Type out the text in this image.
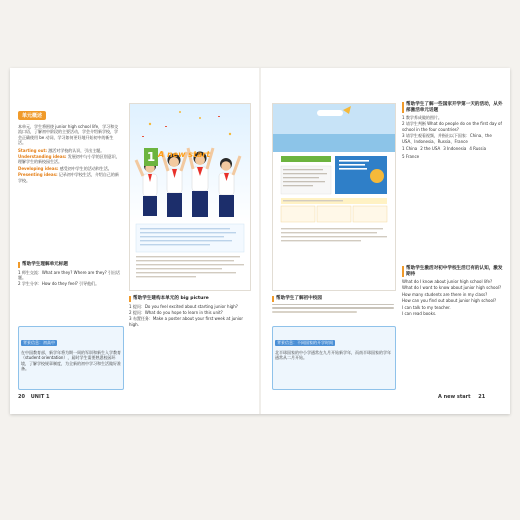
单元概述
本单元，学生将围绕 junior high school life，学习和交流口语，了解初中阶段的主要活动，学会介绍新学校，学会正确使用 be 动词，学习如何更好地开始初中的新生活。

Starting out: 激活对学校的认识，引出主题。

Understanding ideas: 发展初中与小学的区别意识，理解学生的新校园生活。

Developing ideas: 感受初中学生的活动和生活。

Presenting ideas: 记录初中学校生活，介绍自己的新学校。

帮助学生理解单元标题

1 师生交流：What are they? Where are they? 引出话题。

2 学生分享：How do they feel? 引导他们。

背景信息：初高中
在中国教育部，新学年将为期一周的军训和新生入学教育（student orientation），届时学生需要熟悉校园环境，了解学校规章制度，为全新的初中学习和生活做好准备。
1 A new start
帮助学生建构本单元的 big picture

1 提问：Do you feel excited about starting junior high?

2 提问：What do you hope to learn in this unit?

3 布置任务：Make a poster about your first week at junior high.

帮助学生了解初中校园
背景信息：不同国家的开学时间
北半球国家的中小学通常在九月开始新学年，而南半球国家的学年通常从二月开始。
帮助学生了解一些国家开学第一天的活动，从外部激活单元话题

1 教学养成做的图片。

2 请学生判断 What do people do on the first day of school in the four countries?

3 请学生观看视频，并指出以下国家：China、the USA、Indonesia、Russia、France

1 China 2 the USA 3 Indonesia 4 Russia
5 France
帮助学生激活对初中学校生活已有的认知，激发期待

What do I know about junior high school life?

What do I want to know about junior high school?

How many students are there in my class?

How can you find out about junior high school?

I can talk to my teacher.

I can read books.

20 UNIT 1	A new start 21
